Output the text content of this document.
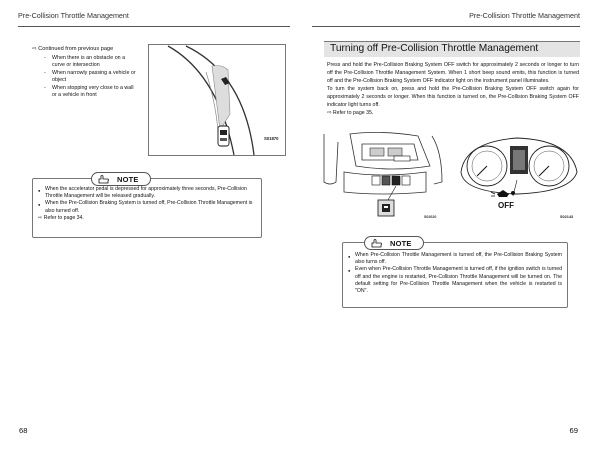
Pre-Collision Throttle Management	Pre-Collision Throttle Management
⇨ Continued from previous page
- When there is an obstacle on a curve or intersection
- When narrowly passing a vehicle or object
- When stopping very close to a wall or a vehicle in front
S01870
NOTE
● When the accelerator pedal is depressed for approximately three seconds, Pre-Collision Throttle Management will be released gradually.
● When the Pre-Collision Braking System is turned off, Pre-Collision Throttle Management is also turned off.
⇨ Refer to page 34.
Turning off Pre-Collision Throttle Management

Press and hold the Pre-Collision Braking System OFF switch for approximately 2 seconds or longer to turn off the Pre-Collision Throttle Management System. When 1 short beep sound emits, this function is turned off and the Pre-Collision Braking System OFF indicator light on the instrument panel illuminates.

To turn the system back on, press and hold the Pre-Collision Braking System OFF switch again for approximately 2 seconds or longer. When this function is turned on, the Pre-Collision Braking System OFF indicator light turns off.

⇨ Refer to page 35.

S02620
OFF
S02143
NOTE
● When Pre-Collision Throttle Management is turned off, the Pre-Collision Braking System also turns off.
● Even when Pre-Collision Throttle Management is turned off, if the ignition switch is turned off and the engine is restarted, Pre-Collision Throttle Management will be turned on. The default setting for Pre-Collision Throttle Management when the vehicle is restarted is "ON".
68	69
